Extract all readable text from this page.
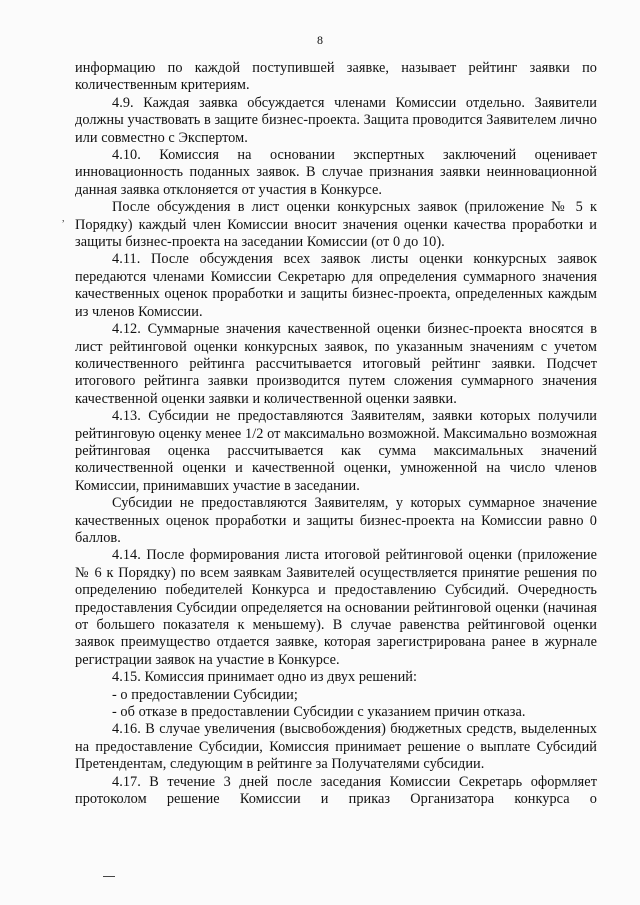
8
,

информацию по каждой поступившей заявке, называет рейтинг заявки по количественным критериям.

4.9. Каждая заявка обсуждается членами Комиссии отдельно. Заявители должны участвовать в защите бизнес-проекта. Защита проводится Заявителем лично или совместно с Экспертом.

4.10. Комиссия на основании экспертных заключений оценивает инновационность поданных заявок. В случае признания заявки неинновационной данная заявка отклоняется от участия в Конкурсе.

После обсуждения в лист оценки конкурсных заявок (приложение № 5 к Порядку) каждый член Комиссии вносит значения оценки качества проработки и защиты бизнес-проекта на заседании Комиссии (от 0 до 10).

4.11. После обсуждения всех заявок листы оценки конкурсных заявок передаются членами Комиссии Секретарю для определения суммарного значения качественных оценок проработки и защиты бизнес-проекта, определенных каждым из членов Комиссии.

4.12. Суммарные значения качественной оценки бизнес-проекта вносятся в лист рейтинговой оценки конкурсных заявок, по указанным значениям с учетом количественного рейтинга рассчитывается итоговый рейтинг заявки. Подсчет итогового рейтинга заявки производится путем сложения суммарного значения качественной оценки заявки и количественной оценки заявки.

4.13. Субсидии не предоставляются Заявителям, заявки которых получили рейтинговую оценку менее 1/2 от максимально возможной. Максимально возможная рейтинговая оценка рассчитывается как сумма максимальных значений количественной оценки и качественной оценки, умноженной на число членов Комиссии, принимавших участие в заседании.

Субсидии не предоставляются Заявителям, у которых суммарное значение качественных оценок проработки и защиты бизнес-проекта на Комиссии равно 0 баллов.

4.14. После формирования листа итоговой рейтинговой оценки (приложение № 6 к Порядку) по всем заявкам Заявителей осуществляется принятие решения по определению победителей Конкурса и предоставлению Субсидий. Очередность предоставления Субсидии определяется на основании рейтинговой оценки (начиная от большего показателя к меньшему). В случае равенства рейтинговой оценки заявок преимущество отдается заявке, которая зарегистрирована ранее в журнале регистрации заявок на участие в Конкурсе.

4.15. Комиссия принимает одно из двух решений:

- о предоставлении Субсидии;

- об отказе в предоставлении Субсидии с указанием причин отказа.

4.16. В случае увеличения (высвобождения) бюджетных средств, выделенных на предоставление Субсидии, Комиссия принимает решение о выплате Субсидий Претендентам, следующим в рейтинге за Получателями субсидии.

4.17. В течение 3 дней после заседания Комиссии Секретарь оформляет протоколом решение Комиссии и приказ Организатора конкурса о
